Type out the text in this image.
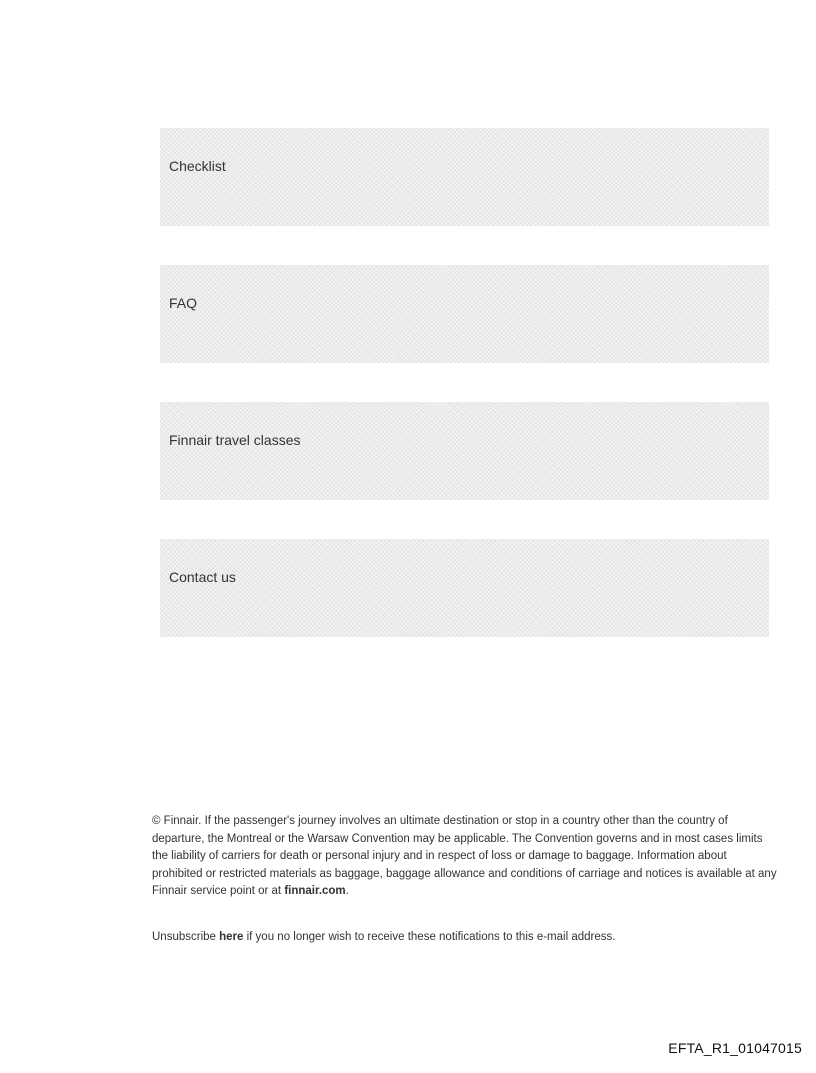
Checklist
FAQ
Finnair travel classes
Contact us

© Finnair. If the passenger's journey involves an ultimate destination or stop in a country other than the country of departure, the Montreal or the Warsaw Convention may be applicable. The Convention governs and in most cases limits the liability of carriers for death or personal injury and in respect of loss or damage to baggage. Information about prohibited or restricted materials as baggage, baggage allowance and conditions of carriage and notices is available at any Finnair service point or at finnair.com.

Unsubscribe here if you no longer wish to receive these notifications to this e-mail address.

EFTA_R1_01047015
